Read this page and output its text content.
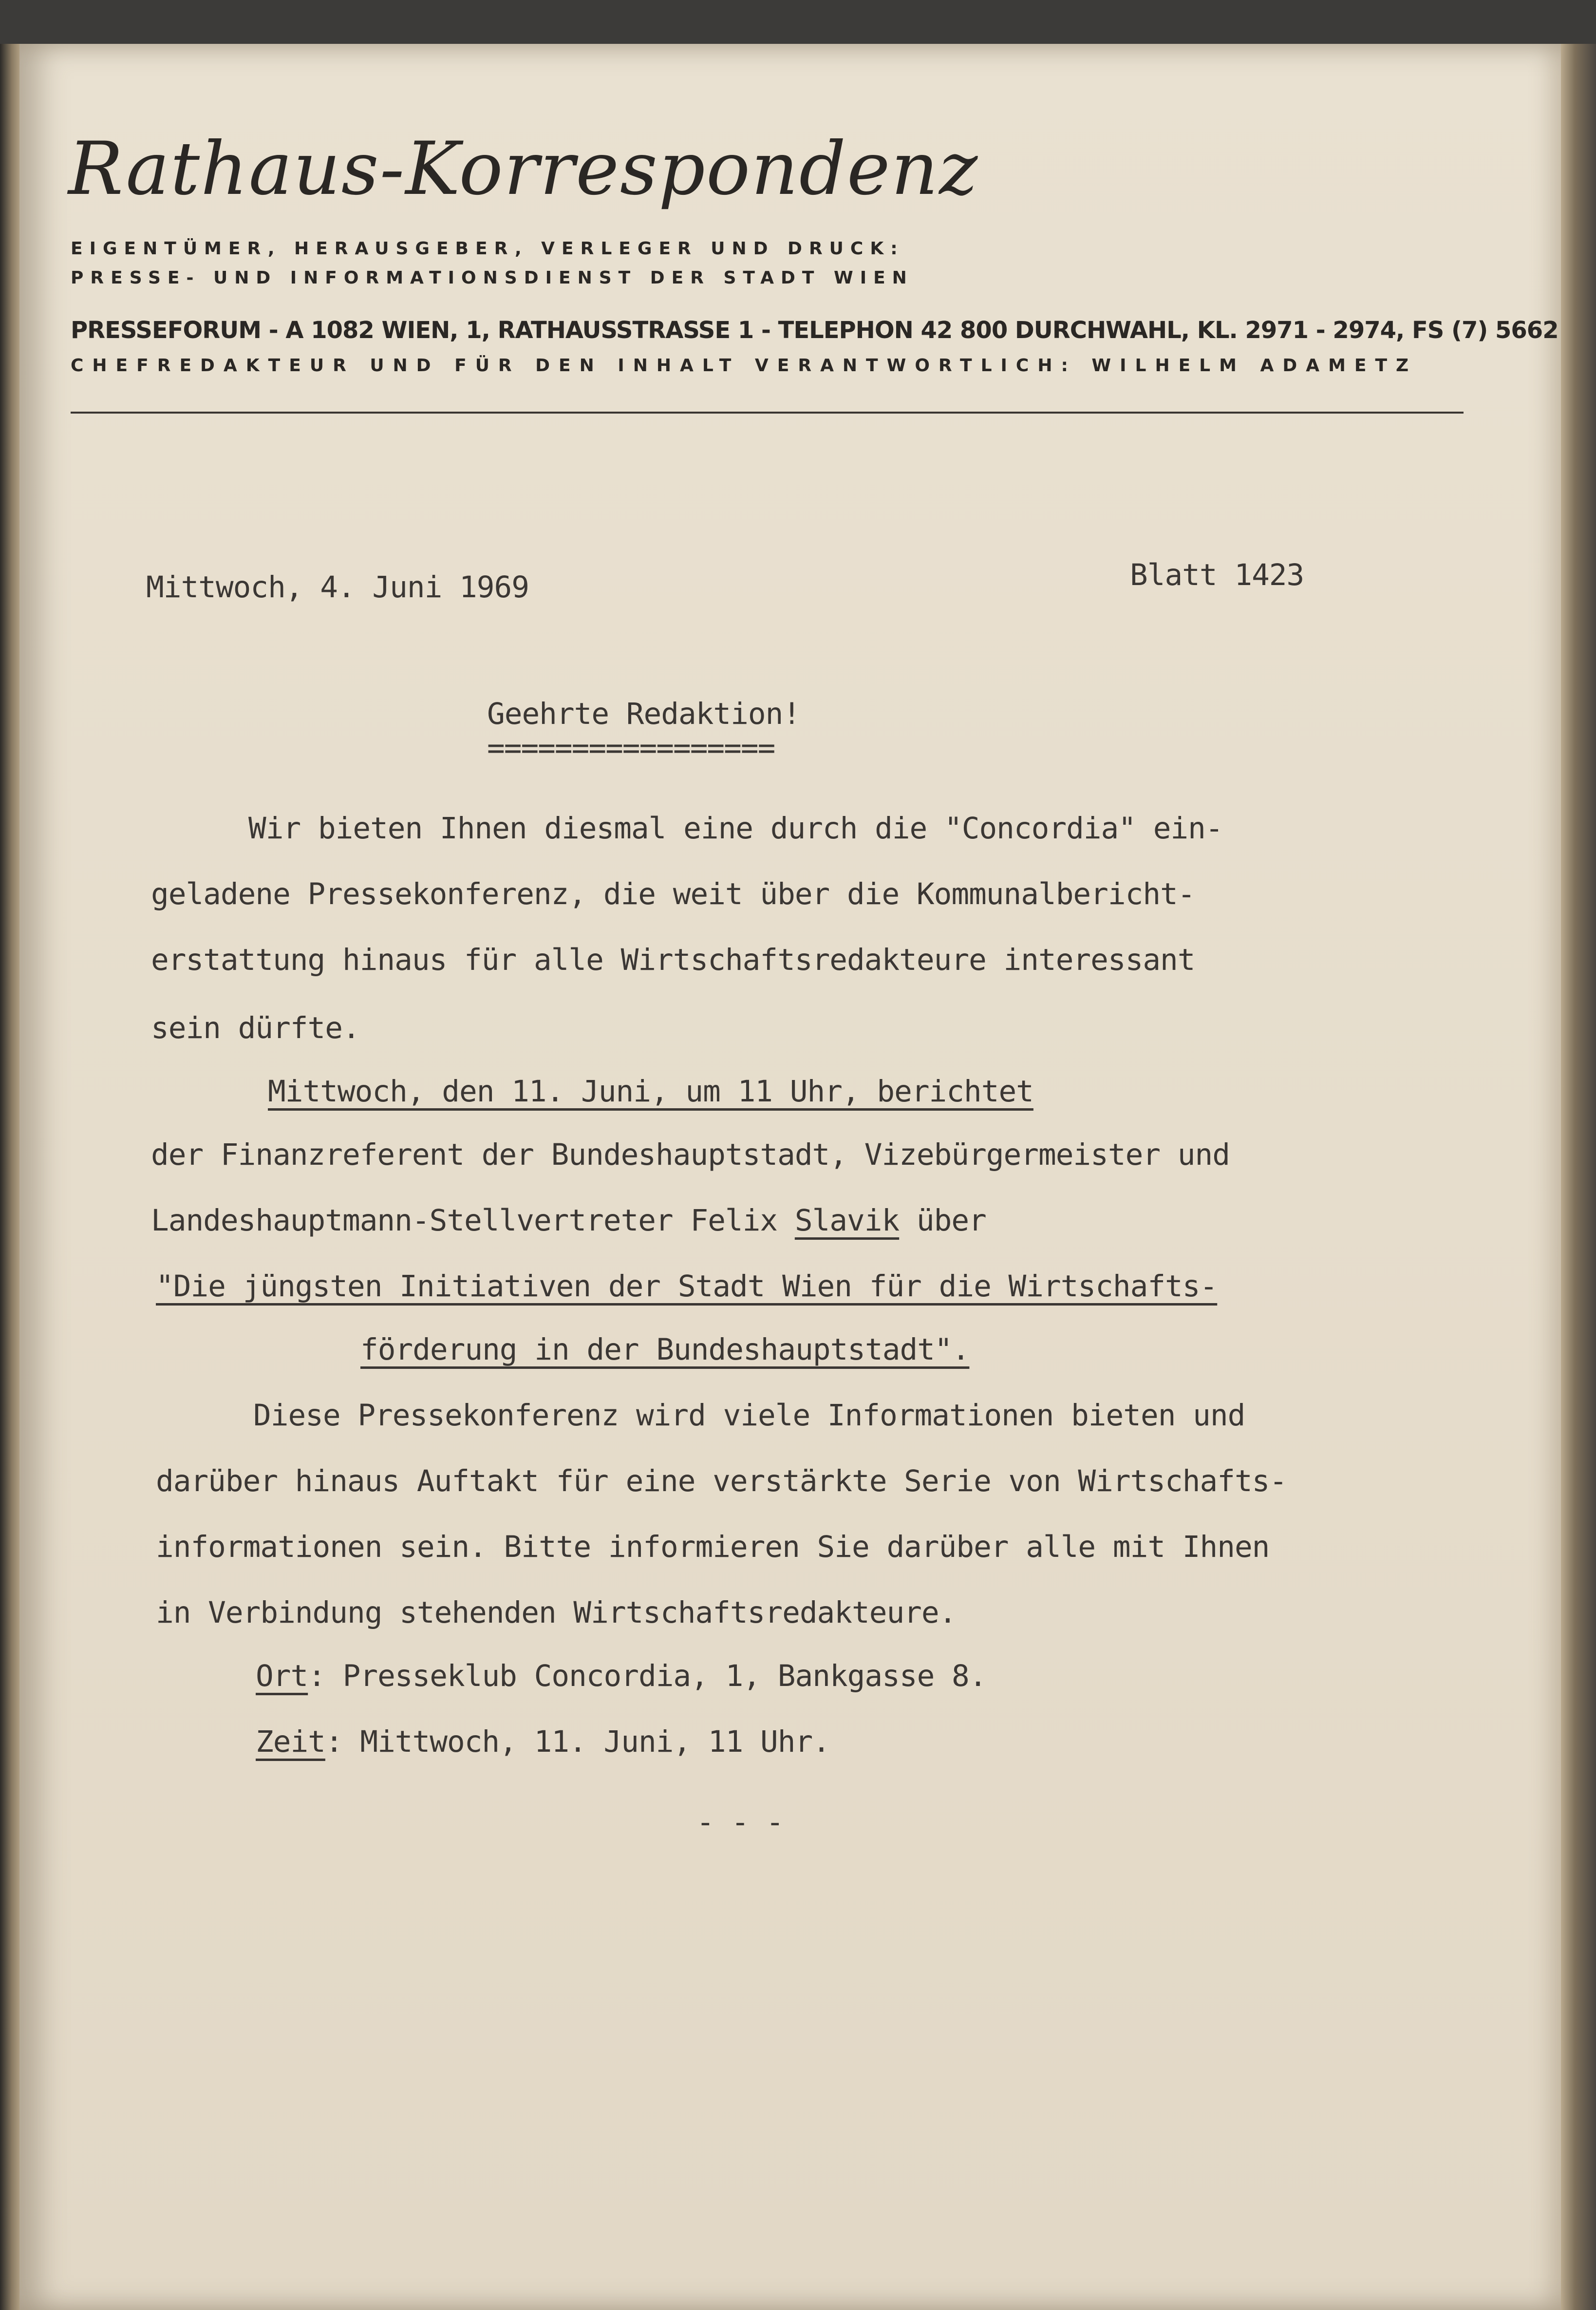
Rathaus-Korrespondenz
EIGENTÜMER, HERAUSGEBER, VERLEGER UND DRUCK:
PRESSE- UND INFORMATIONSDIENST DER STADT WIEN
PRESSEFORUM - A 1082 WIEN, 1, RATHAUSSTRASSE 1 - TELEPHON 42 800 DURCHWAHL, KL. 2971 - 2974, FS (7) 5662
CHEFREDAKTEUR UND FÜR DEN INHALT VERANTWORTLICH: WILHELM ADAMETZ
Mittwoch, 4. Juni 1969	Blatt 1423
Geehrte Redaktion!
=================
Wir bieten Ihnen diesmal eine durch die "Concordia" ein-
geladene Pressekonferenz, die weit über die Kommunalbericht-
erstattung hinaus für alle Wirtschaftsredakteure interessant
sein dürfte.
Mittwoch, den 11. Juni, um 11 Uhr, berichtet
der Finanzreferent der Bundeshauptstadt, Vizebürgermeister und
Landeshauptmann-Stellvertreter Felix Slavik über
"Die jüngsten Initiativen der Stadt Wien für die Wirtschafts-
förderung in der Bundeshauptstadt".
Diese Pressekonferenz wird viele Informationen bieten und
darüber hinaus Auftakt für eine verstärkte Serie von Wirtschafts-
informationen sein. Bitte informieren Sie darüber alle mit Ihnen
in Verbindung stehenden Wirtschaftsredakteure.
Ort: Presseklub Concordia, 1, Bankgasse 8.
Zeit: Mittwoch, 11. Juni, 11 Uhr.
- - -
